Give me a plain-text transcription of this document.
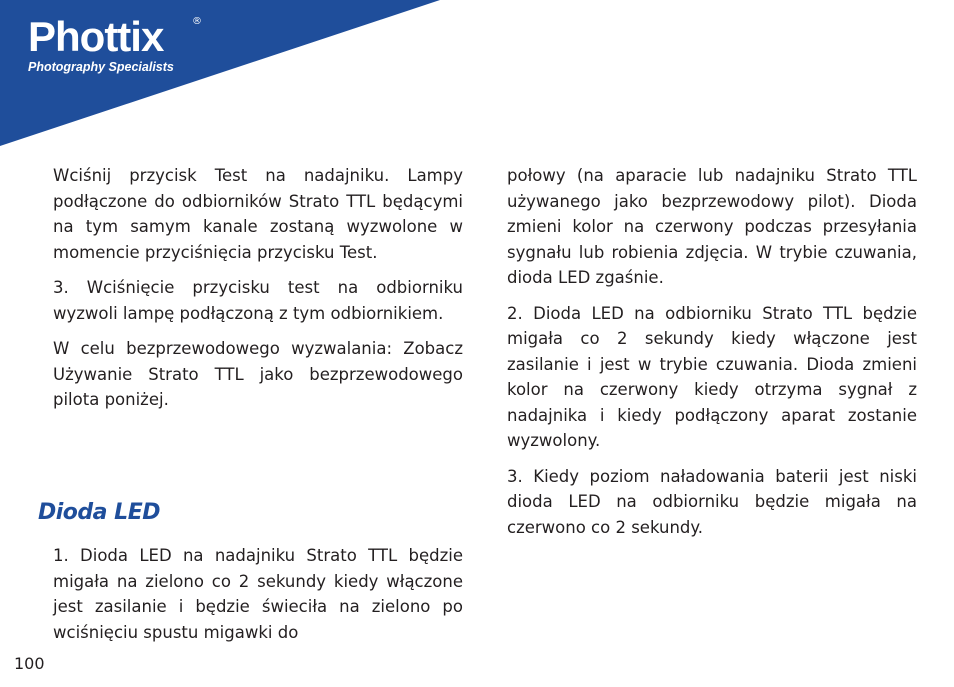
Phottix	®
Photography Specialists

Wciśnij przycisk Test na nadajniku. Lampy podłączone do odbiorników Strato TTL będącymi na tym samym kanale zostaną wyzwolone w momencie przyciśnięcia przycisku Test.

3. Wciśnięcie przycisku test na odbiorniku wyzwoli lampę podłączoną z tym odbiornikiem.

W celu bezprzewodowego wyzwalania: Zobacz Używanie Strato TTL jako bezprzewodowego pilota poniżej.

Dioda LED

1. Dioda LED na nadajniku Strato TTL będzie migała na zielono co 2 sekundy kiedy włączone jest zasilanie i będzie świeciła na zielono po wciśnięciu spustu migawki do

połowy (na aparacie lub nadajniku Strato TTL używanego jako bezprzewodowy pilot). Dioda zmieni kolor na czerwony podczas przesyłania sygnału lub robienia zdjęcia. W trybie czuwania, dioda LED zgaśnie.

2. Dioda LED na odbiorniku Strato TTL będzie migała co 2 sekundy kiedy włączone jest zasilanie i jest w trybie czuwania. Dioda zmieni kolor na czerwony kiedy otrzyma sygnał z nadajnika i kiedy podłączony aparat zostanie wyzwolony.

3. Kiedy poziom naładowania baterii jest niski dioda LED na odbiorniku będzie migała na czerwono co 2 sekundy.

100
